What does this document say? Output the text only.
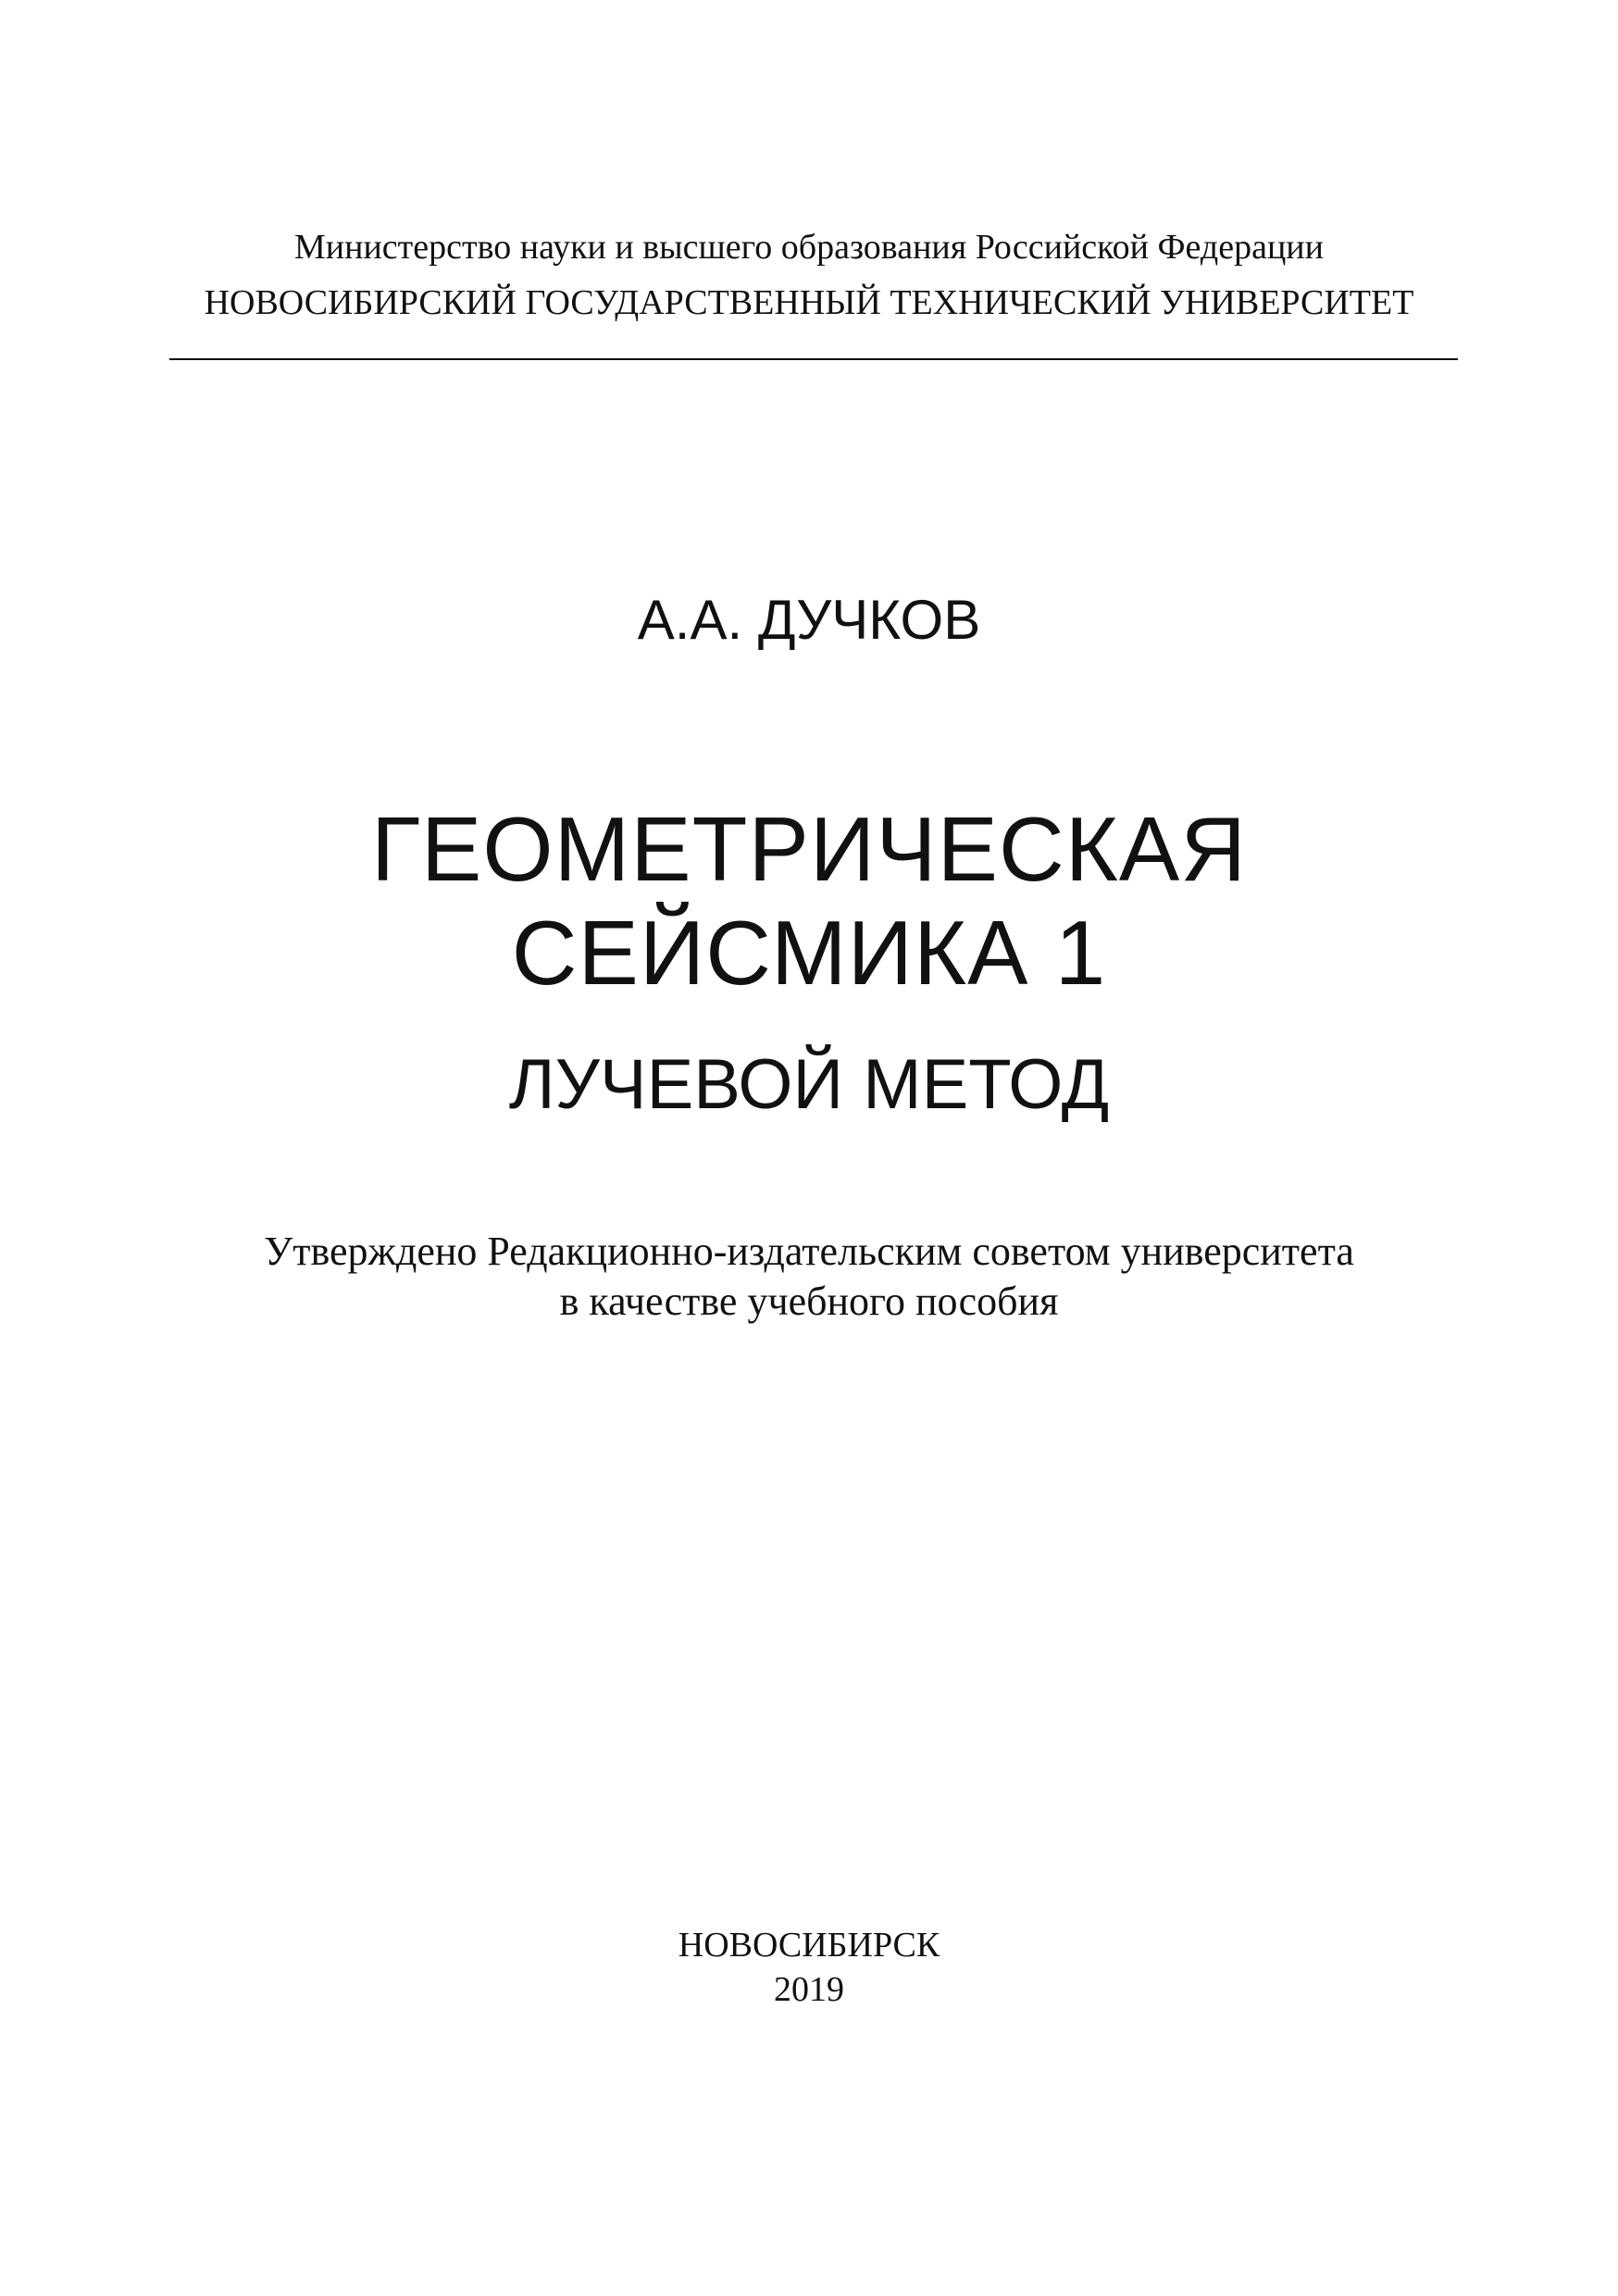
Министерство науки и высшего образования Российской Федерации
НОВОСИБИРСКИЙ ГОСУДАРСТВЕННЫЙ ТЕХНИЧЕСКИЙ УНИВЕРСИТЕТ
А.А. ДУЧКОВ
ГЕОМЕТРИЧЕСКАЯ
СЕЙСМИКА 1
ЛУЧЕВОЙ МЕТОД
Утверждено Редакционно-издательским советом университета
в качестве учебного пособия
НОВОСИБИРСК
2019
